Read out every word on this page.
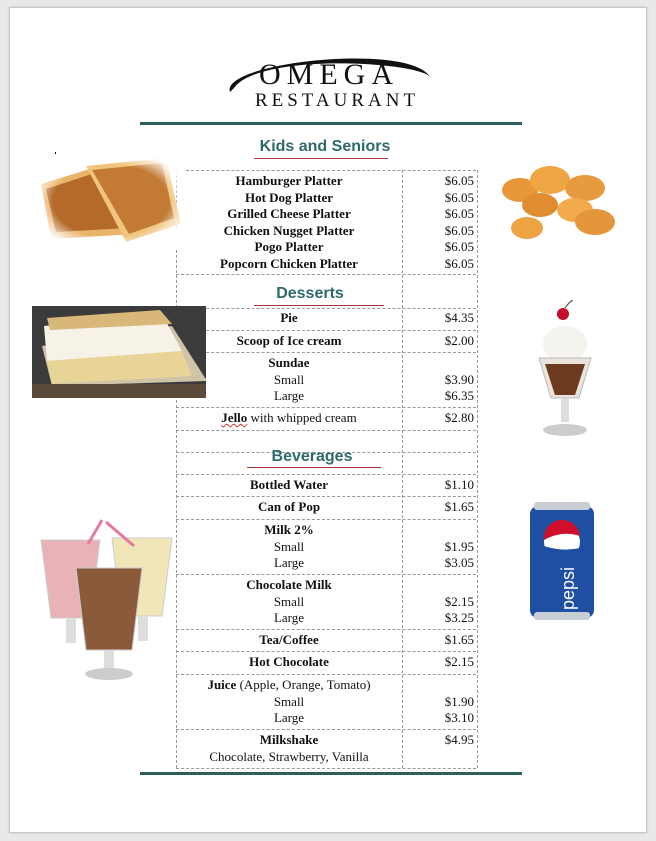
OMEGA
RESTAURANT
Kids and Seniors
Desserts
Beverages
Hamburger Platter	$6.05
Hot Dog Platter	$6.05
Grilled Cheese Platter	$6.05
Chicken Nugget Platter	$6.05
Pogo Platter	$6.05
Popcorn Chicken Platter	$6.05
Pie	$4.35
Scoop of Ice cream	$2.00
Sundae
Small	$3.90
Large	$6.35
Jello with whipped cream	$2.80
Bottled Water	$1.10
Can of Pop	$1.65
Milk 2%
Small	$1.95
Large	$3.05
Chocolate Milk
Small	$2.15
Large	$3.25
Tea/Coffee	$1.65
Hot Chocolate	$2.15
Juice (Apple, Orange, Tomato)
Small	$1.90
Large	$3.10
Milkshake	$4.95
Chocolate, Strawberry, Vanilla
pepsi
